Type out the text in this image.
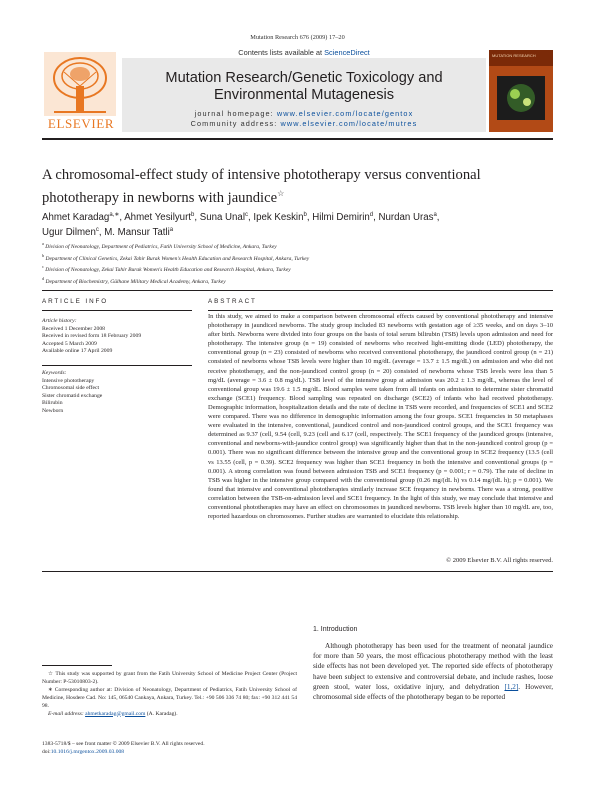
Mutation Research 676 (2009) 17–20
ELSEVIER
Contents lists available at ScienceDirect
Mutation Research/Genetic Toxicology and
Environmental Mutagenesis
journal homepage: www.elsevier.com/locate/gentox
Community address: www.elsevier.com/locate/mutres
MUTATION RESEARCH
A chromosomal-effect study of intensive phototherapy versus conventional
phototherapy in newborns with jaundice☆
Ahmet Karadag$^{a,∗}$, Ahmet Yesilyurt$^b$, Suna Unal$^c$, Ipek Keskin$^b$, Hilmi Demirin$^d$, Nurdan Uras$^a$,
Ugur Dilmen$^c$, M. Mansur Tatli$^a$
$^a$ Division of Neonatology, Department of Pediatrics, Fatih University School of Medicine, Ankara, Turkey
$^b$ Department of Clinical Genetics, Zekai Tahir Burak Women's Health Education and Research Hospital, Ankara, Turkey
$^c$ Division of Neonatology, Zekai Tahir Burak Women's Health Education and Research Hospital, Ankara, Turkey
$^d$ Department of Biochemistry, Gülhane Military Medical Academy, Ankara, Turkey
ARTICLE INFO	ABSTRACT
Article history:
Received 1 December 2008
Received in revised form 18 February 2009
Accepted 5 March 2009
Available online 17 April 2009
Keywords:
Intensive phototherapy
Chromosomal side effect
Sister chromatid exchange
Bilirubin
Newborn
In this study, we aimed to make a comparison between chromosomal effects caused by conventional phototherapy and intensive phototherapy in jaundiced newborns. The study group included 83 newborns with gestation age of ≥35 weeks, and on days 3–10 after birth. Newborns were divided into four groups on the basis of total serum bilirubin (TSB) levels upon admission and need for phototherapy. The intensive group (n = 19) consisted of newborns who received light-emitting diode (LED) phototherapy, the conventional group (n = 23) consisted of newborns who received conventional phototherapy, the jaundiced control group (n = 21) consisted of newborns whose TSB levels were higher than 10 mg/dL (average = 13.7 ± 1.5 mg/dL) on admission and who did not receive phototherapy, and the non-jaundiced control group (n = 20) consisted of newborns whose TSB levels were less than 5 mg/dL (average = 3.6 ± 0.8 mg/dL). TSB level of the intensive group at admission was 20.2 ± 1.3 mg/dL, whereas the level of conventional group was 19.6 ± 1.5 mg/dL. Blood samples were taken from all infants on admission to determine sister chromatid exchange (SCE1) frequency. Blood sampling was repeated on discharge (SCE2) of infants who had received phototherapy. Demographic information, hospitalization details and the rate of decline in TSB were recorded, and frequencies of SCE1 and SCE2 were compared. There was no difference in demographic information among the four groups. SCE1 frequencies in 50 metaphases were evaluated in the intensive, conventional, jaundiced control and non-jaundiced control groups, and the SCE1 frequency was determined as 9.37 (cell, 9.54 (cell, 9.23 (cell and 6.17 (cell, respectively. The SCE1 frequency of the jaundiced groups (intensive, conventional and newborns-with-jaundice control group) was significantly higher than that in the non-jaundiced control group (p = 0.001). There was no significant difference between the intensive group and the conventional group in SCE2 frequency (13.5 (cell vs 13.55 (cell, p = 0.39). SCE2 frequency was higher than SCE1 frequency in both the intensive and conventional groups (p = 0.001). A strong correlation was found between admission TSB and SCE1 frequency (p = 0.001; r = 0.79). The rate of decline in TSB was higher in the intensive group compared with the conventional group (0.26 mg/(dL h) vs 0.14 mg/(dL h); p = 0.001). We found that intensive and conventional phototherapies similarly increase SCE frequency in newborns. There was a strong, positive correlation between the TSB-on-admission level and SCE1 frequency. In the light of this study, we may conclude that intensive and conventional phototherapies may have an effect on chromosomes in jaundiced newborns. TSB levels higher than 10 mg/dL are, too, reported hazardous on chromosomes. Further studies are warranted to elucidate this relationship.
© 2009 Elsevier B.V. All rights reserved.
1. Introduction
Although phototherapy has been used for the treatment of neonatal jaundice for more than 50 years, the most efficacious phototherapy method with the least side effects has not been developed yet. The reported side effects of phototherapy have been subject to extensive and controversial debate, and include rashes, loose green stool, water loss, oxidative injury, and dehydration [1,2]. However, chromosomal side effects of the phototherapy began to be reported
☆ This study was supported by grant from the Fatih University School of Medicine Project Center (Project Number: P-53010803-2).
∗ Corresponding author at: Division of Neonatology, Department of Pediatrics, Fatih University School of Medicine, Hosdere Cad. No: 145, 06540 Cankaya, Ankara, Turkey. Tel.: +90 506 336 74 80; fax: +90 312 441 54 98.
E-mail address: ahmetkaradag@gmail.com (A. Karadag).
1383-5718/$ – see front matter © 2009 Elsevier B.V. All rights reserved.
doi:10.1016/j.mrgentox.2009.03.008
